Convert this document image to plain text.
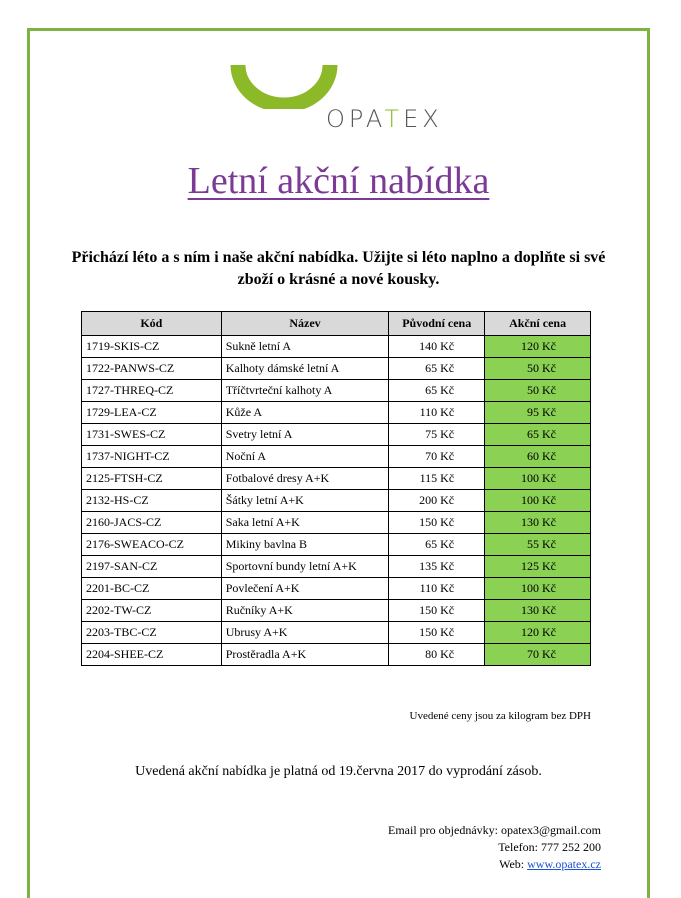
OPATEX
Letní akční nabídka
Přichází léto a s ním i naše akční nabídka. Užijte si léto naplno a doplňte si své zboží o krásné a nové kousky.
Kód	Název	Původní cena	Akční cena
1719-SKIS-CZ	Sukně letní A	140 Kč	120 Kč
1722-PANWS-CZ	Kalhoty dámské letní A	65 Kč	50 Kč
1727-THREQ-CZ	Tříčtvrteční kalhoty A	65 Kč	50 Kč
1729-LEA-CZ	Kůže A	110 Kč	95 Kč
1731-SWES-CZ	Svetry letní A	75 Kč	65 Kč
1737-NIGHT-CZ	Noční A	70 Kč	60 Kč
2125-FTSH-CZ	Fotbalové dresy A+K	115 Kč	100 Kč
2132-HS-CZ	Šátky letní A+K	200 Kč	100 Kč
2160-JACS-CZ	Saka letní A+K	150 Kč	130 Kč
2176-SWEACO-CZ	Mikiny bavlna B	65 Kč	55 Kč
2197-SAN-CZ	Sportovní bundy letní A+K	135 Kč	125 Kč
2201-BC-CZ	Povlečení A+K	110 Kč	100 Kč
2202-TW-CZ	Ručníky A+K	150 Kč	130 Kč
2203-TBC-CZ	Ubrusy A+K	150 Kč	120 Kč
2204-SHEE-CZ	Prostěradla A+K	80 Kč	70 Kč
Uvedené ceny jsou za kilogram bez DPH
Uvedená akční nabídka je platná od 19.června 2017 do vyprodání zásob.
Email pro objednávky: opatex3@gmail.com
Telefon: 777 252 200
Web: www.opatex.cz
